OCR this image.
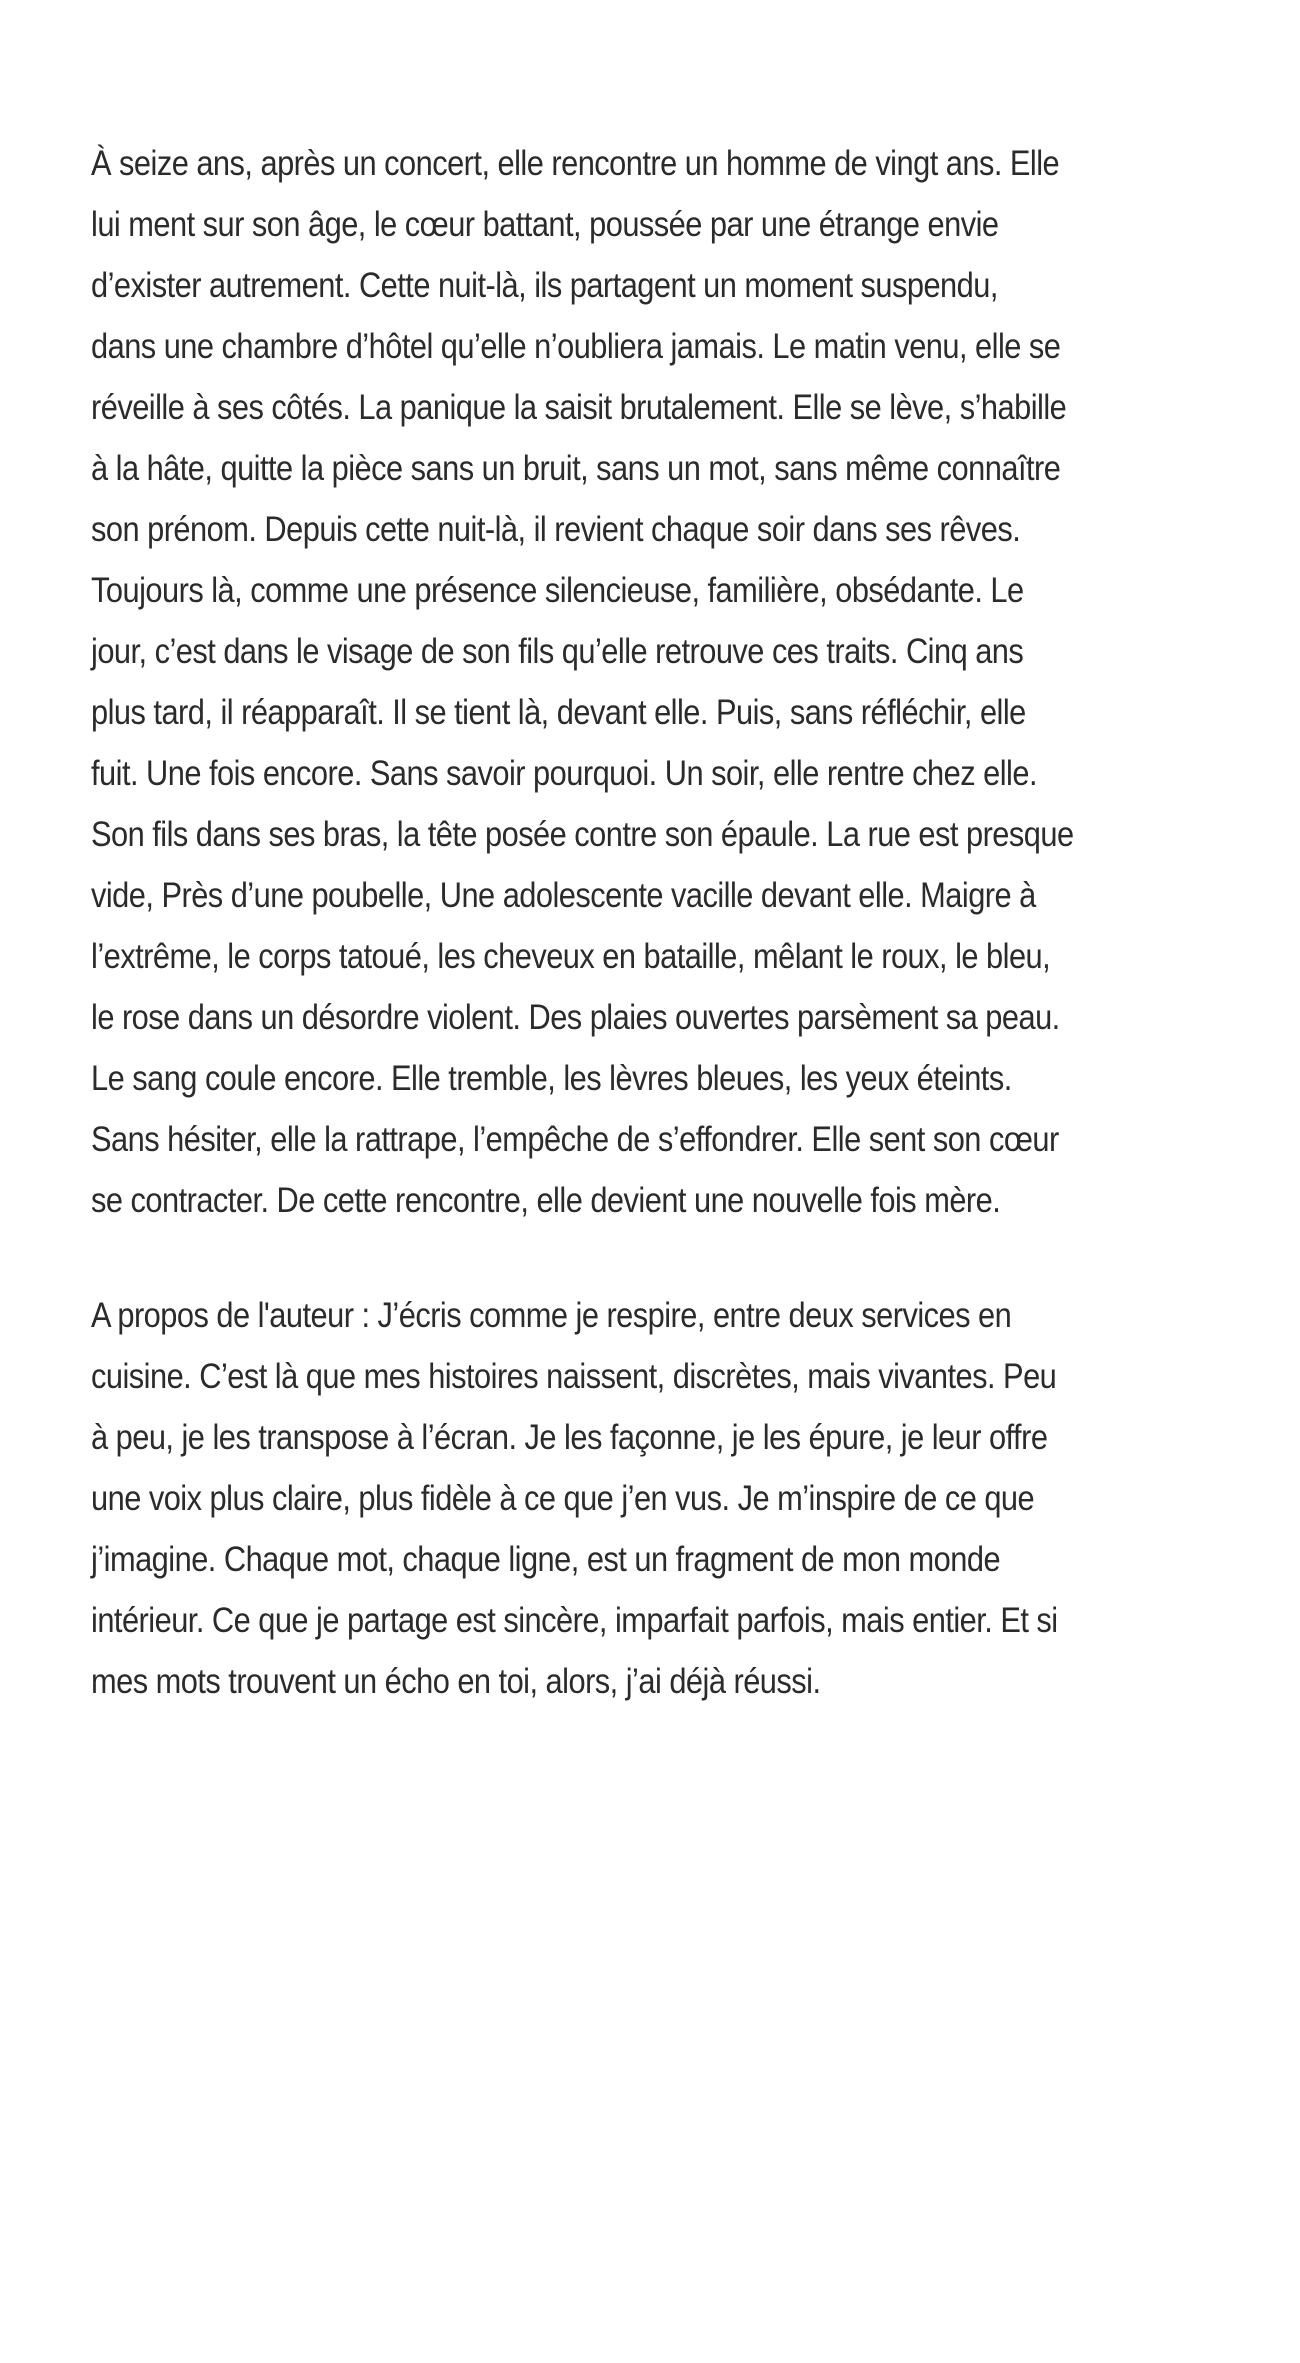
À seize ans, après un concert, elle rencontre un homme de vingt ans. Elle
lui ment sur son âge, le cœur battant, poussée par une étrange envie
d’exister autrement. Cette nuit-là, ils partagent un moment suspendu,
dans une chambre d’hôtel qu’elle n’oubliera jamais. Le matin venu, elle se
réveille à ses côtés. La panique la saisit brutalement. Elle se lève, s’habille
à la hâte, quitte la pièce sans un bruit, sans un mot, sans même connaître
son prénom. Depuis cette nuit-là, il revient chaque soir dans ses rêves.
Toujours là, comme une présence silencieuse, familière, obsédante. Le
jour, c’est dans le visage de son fils qu’elle retrouve ces traits. Cinq ans
plus tard, il réapparaît. Il se tient là, devant elle. Puis, sans réfléchir, elle
fuit. Une fois encore. Sans savoir pourquoi. Un soir, elle rentre chez elle.
Son fils dans ses bras, la tête posée contre son épaule. La rue est presque
vide, Près d’une poubelle, Une adolescente vacille devant elle. Maigre à
l’extrême, le corps tatoué, les cheveux en bataille, mêlant le roux, le bleu,
le rose dans un désordre violent. Des plaies ouvertes parsèment sa peau.
Le sang coule encore. Elle tremble, les lèvres bleues, les yeux éteints.
Sans hésiter, elle la rattrape, l’empêche de s’effondrer. Elle sent son cœur
se contracter. De cette rencontre, elle devient une nouvelle fois mère.

A propos de l'auteur : J’écris comme je respire, entre deux services en
cuisine. C’est là que mes histoires naissent, discrètes, mais vivantes. Peu
à peu, je les transpose à l’écran. Je les façonne, je les épure, je leur offre
une voix plus claire, plus fidèle à ce que j’en vus. Je m’inspire de ce que
j’imagine. Chaque mot, chaque ligne, est un fragment de mon monde
intérieur. Ce que je partage est sincère, imparfait parfois, mais entier. Et si
mes mots trouvent un écho en toi, alors, j’ai déjà réussi.
